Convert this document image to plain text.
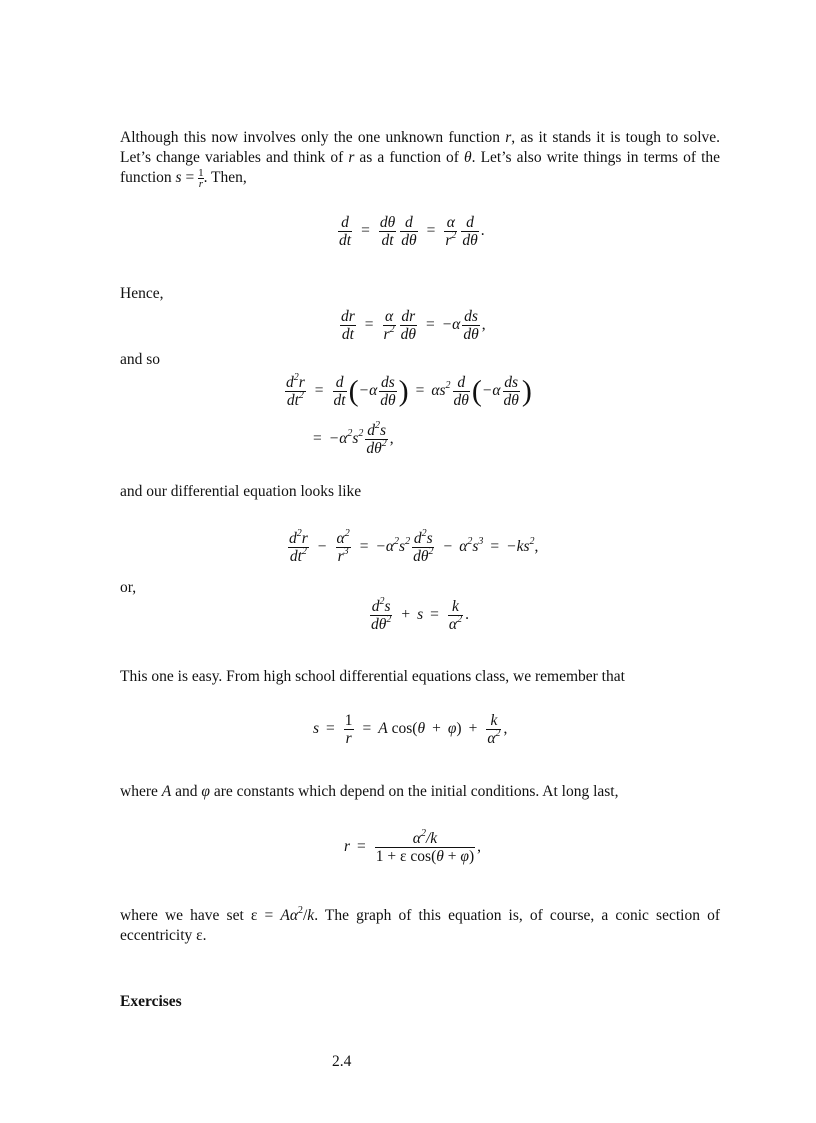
Although this now involves only the one unknown function r, as it stands it is tough to solve. Let’s change variables and think of r as a function of θ. Let’s also write things in terms of the function $s = \frac{1}{r}$ . Then,
$\frac{d}{dt} = \frac{d\theta}{dt} \frac{d}{d\theta} = \frac{\alpha}{r^2} \frac{d}{d\theta}$ .
Hence,
$\frac{dr}{dt} = \frac{\alpha}{r^2} \frac{dr}{d\theta} = -\alpha \frac{ds}{d\theta}$ ,
and so
$\frac{d^2r}{dt^2} = \frac{d}{dt} (-\alpha \frac{ds}{d\theta}$ ) = $\alpha s^2 \frac{d}{d\theta} (-\alpha \frac{ds}{d\theta}$ )
= $-\alpha^2s^2 \frac{d^2s}{d\theta^2}$ ,
and our differential equation looks like
$\frac{d^2r}{dt^2} - \frac{\alpha^2}{r^3} = -\alpha^2s^2 \frac{d^2s}{d\theta^2} - \alpha^2s^3 = -ks^2$,
or,
$\frac{d^2s}{d\theta^2} + s = \frac{k}{\alpha^2}$ .
This one is easy. From high school differential equations class, we remember that
$s = \frac{1}{r} = A$ $\cos(\theta + \varphi) + \frac{k}{\alpha^2}$ ,
where A and φ are constants which depend on the initial conditions. At long last,
$r = \frac{\alpha^2/k}{\text{1 + ε cos(θ + φ)}}$ ,
where we have set $\varepsilon = A\alpha^2/k$. The graph of this equation is, of course, a conic section of eccentricity ε.
Exercises
2.4
